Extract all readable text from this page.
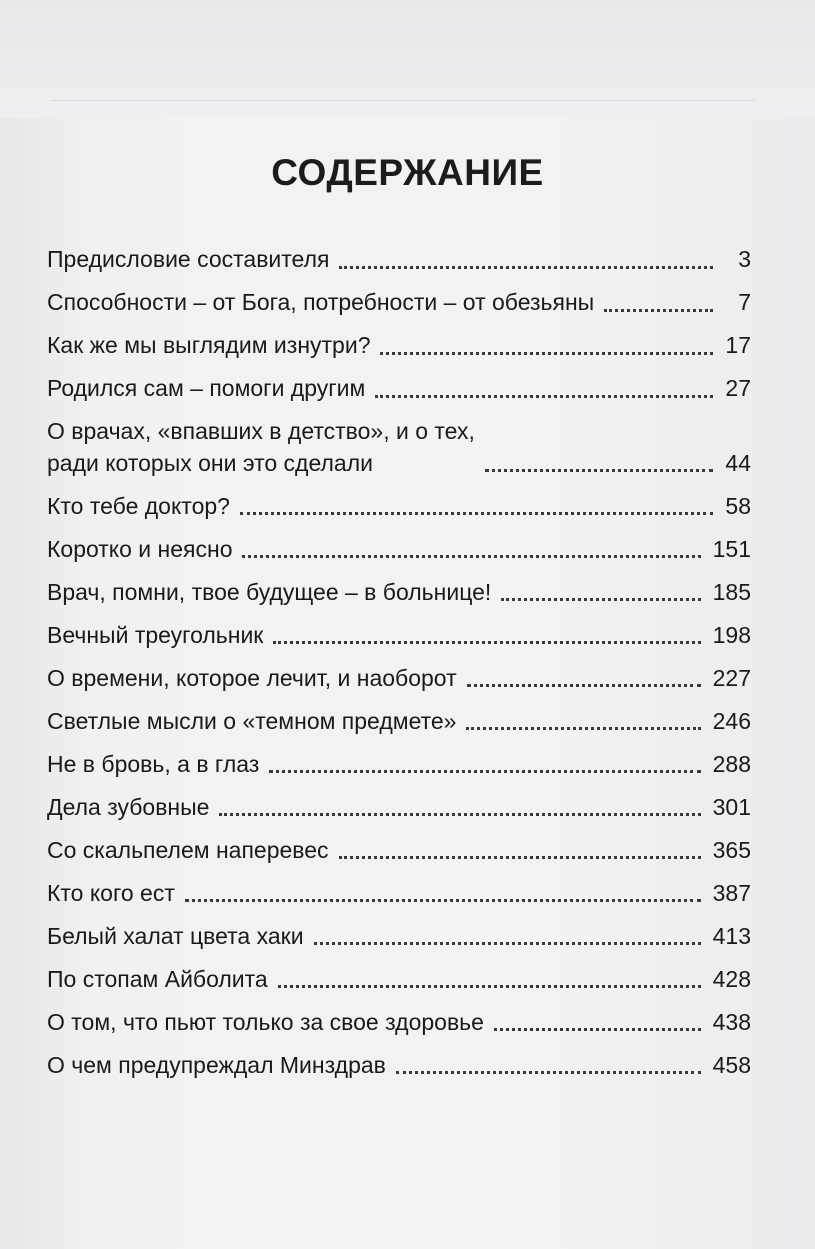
СОДЕРЖАНИЕ
Предисловие составителя	3
Способности – от Бога, потребности – от обезьяны	7
Как же мы выглядим изнутри?	17
Родился сам – помоги другим	27
О врачах, «впавших в детство», и о тех,
ради которых они это сделали	44
Кто тебе доктор?	58
Коротко и неясно	151
Врач, помни, твое будущее – в больнице!	185
Вечный треугольник	198
О времени, которое лечит, и наоборот	227
Светлые мысли о «темном предмете»	246
Не в бровь, а в глаз	288
Дела зубовные	301
Со скальпелем наперевес	365
Кто кого ест	387
Белый халат цвета хаки	413
По стопам Айболита	428
О том, что пьют только за свое здоровье	438
О чем предупреждал Минздрав	458
